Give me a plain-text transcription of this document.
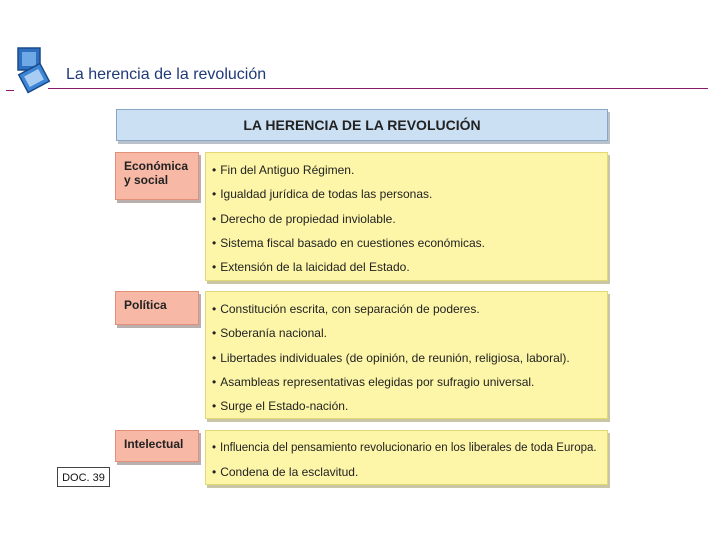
La herencia de la revolución
LA HERENCIA DE LA REVOLUCIÓN
Económica y social
• Fin del Antiguo Régimen.
• Igualdad jurídica de todas las personas.
• Derecho de propiedad inviolable.
• Sistema fiscal basado en cuestiones económicas.
• Extensión de la laicidad del Estado.
Política	• Constitución escrita, con separación de poderes.
• Soberanía nacional.
• Libertades individuales (de opinión, de reunión, religiosa, laboral).
• Asambleas representativas elegidas por sufragio universal.
• Surge el Estado-nación.
Intelectual	• Influencia del pensamiento revolucionario en los liberales de toda Europa.
• Condena de la esclavitud.
DOC. 39
